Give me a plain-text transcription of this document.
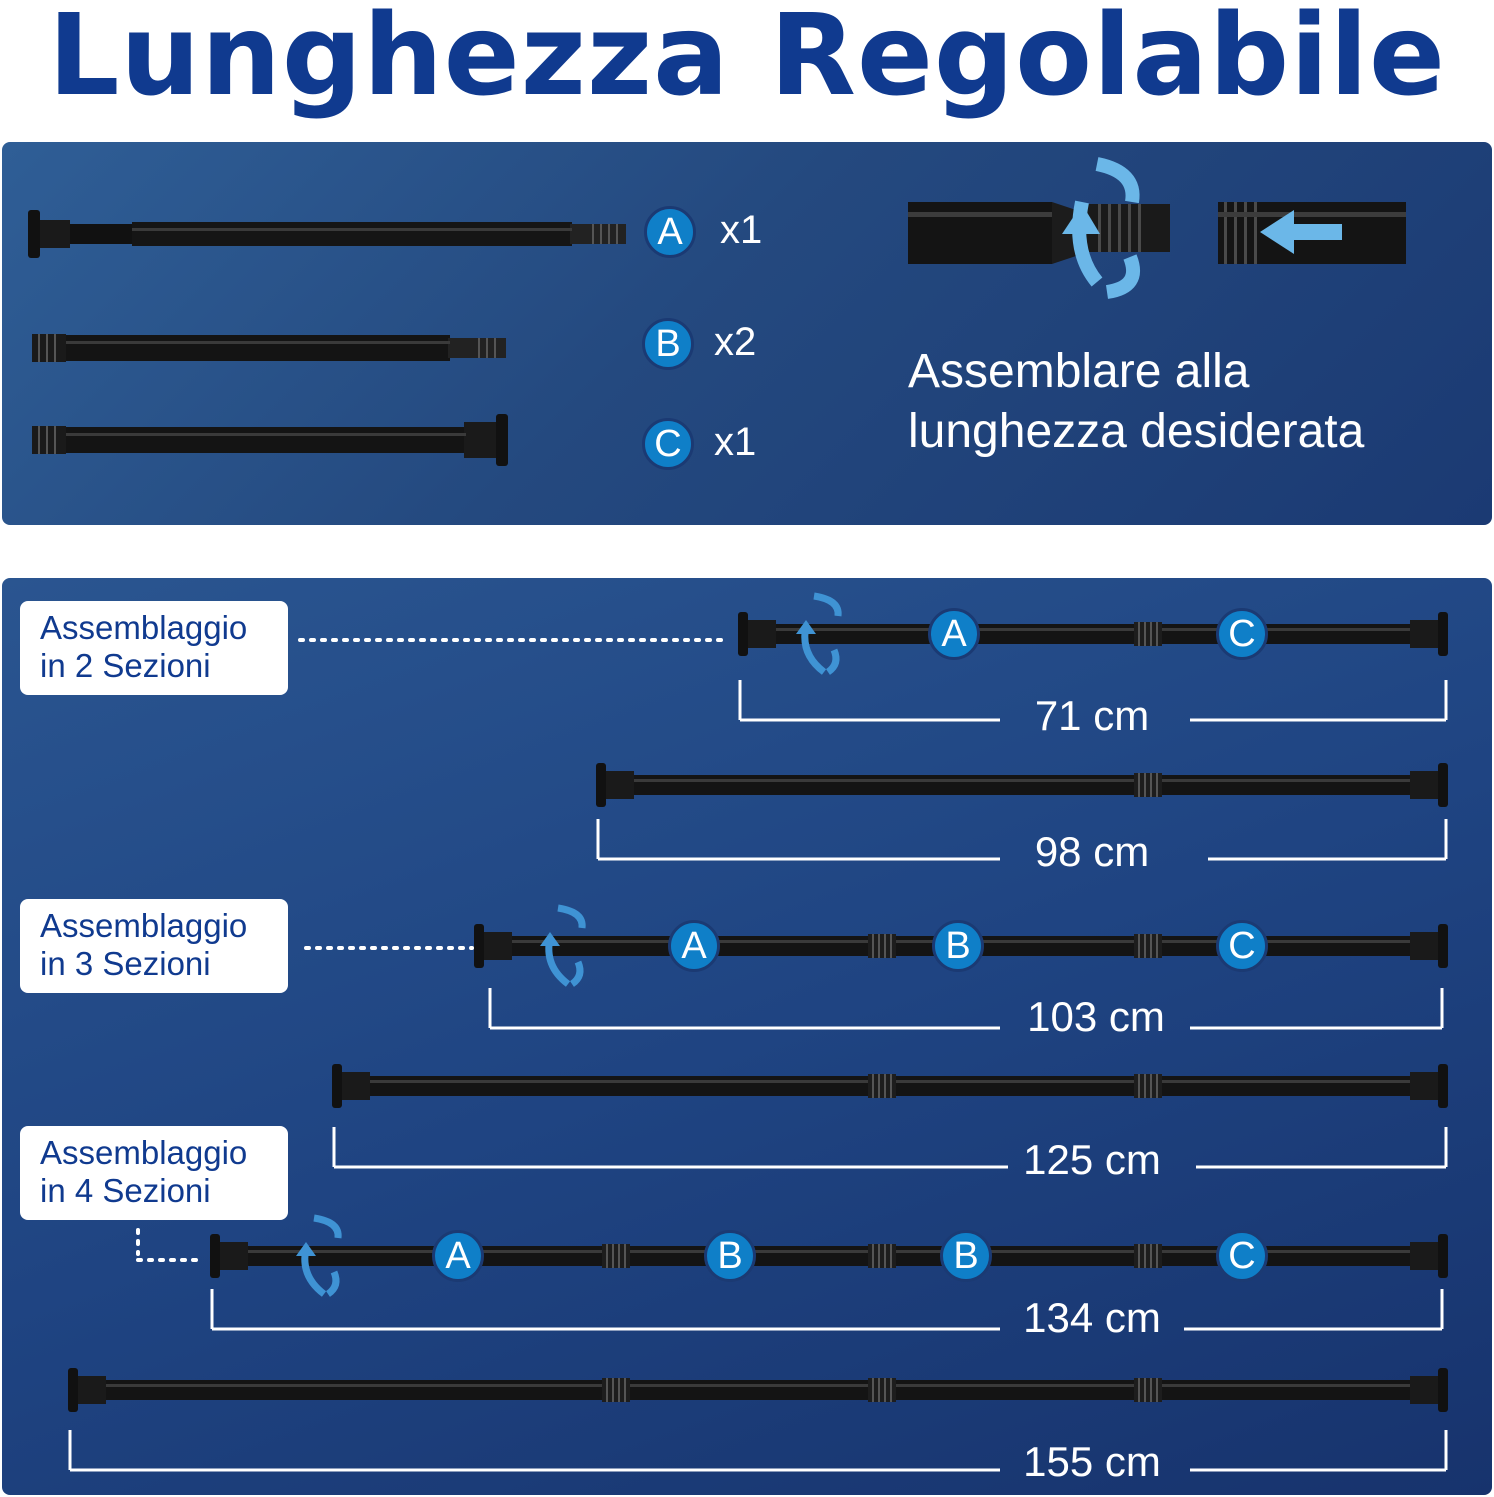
Lunghezza Regolabile
A x1
B x2
C x1
Assemblare alla
lunghezza desiderata
Assemblaggio
in 2 Sezioni
Assemblaggio
in 3 Sezioni
Assemblaggio
in 4 Sezioni
A	C
A	B	C
A	B	B	C
71 cm
98 cm
103 cm
125 cm
134 cm
155 cm
